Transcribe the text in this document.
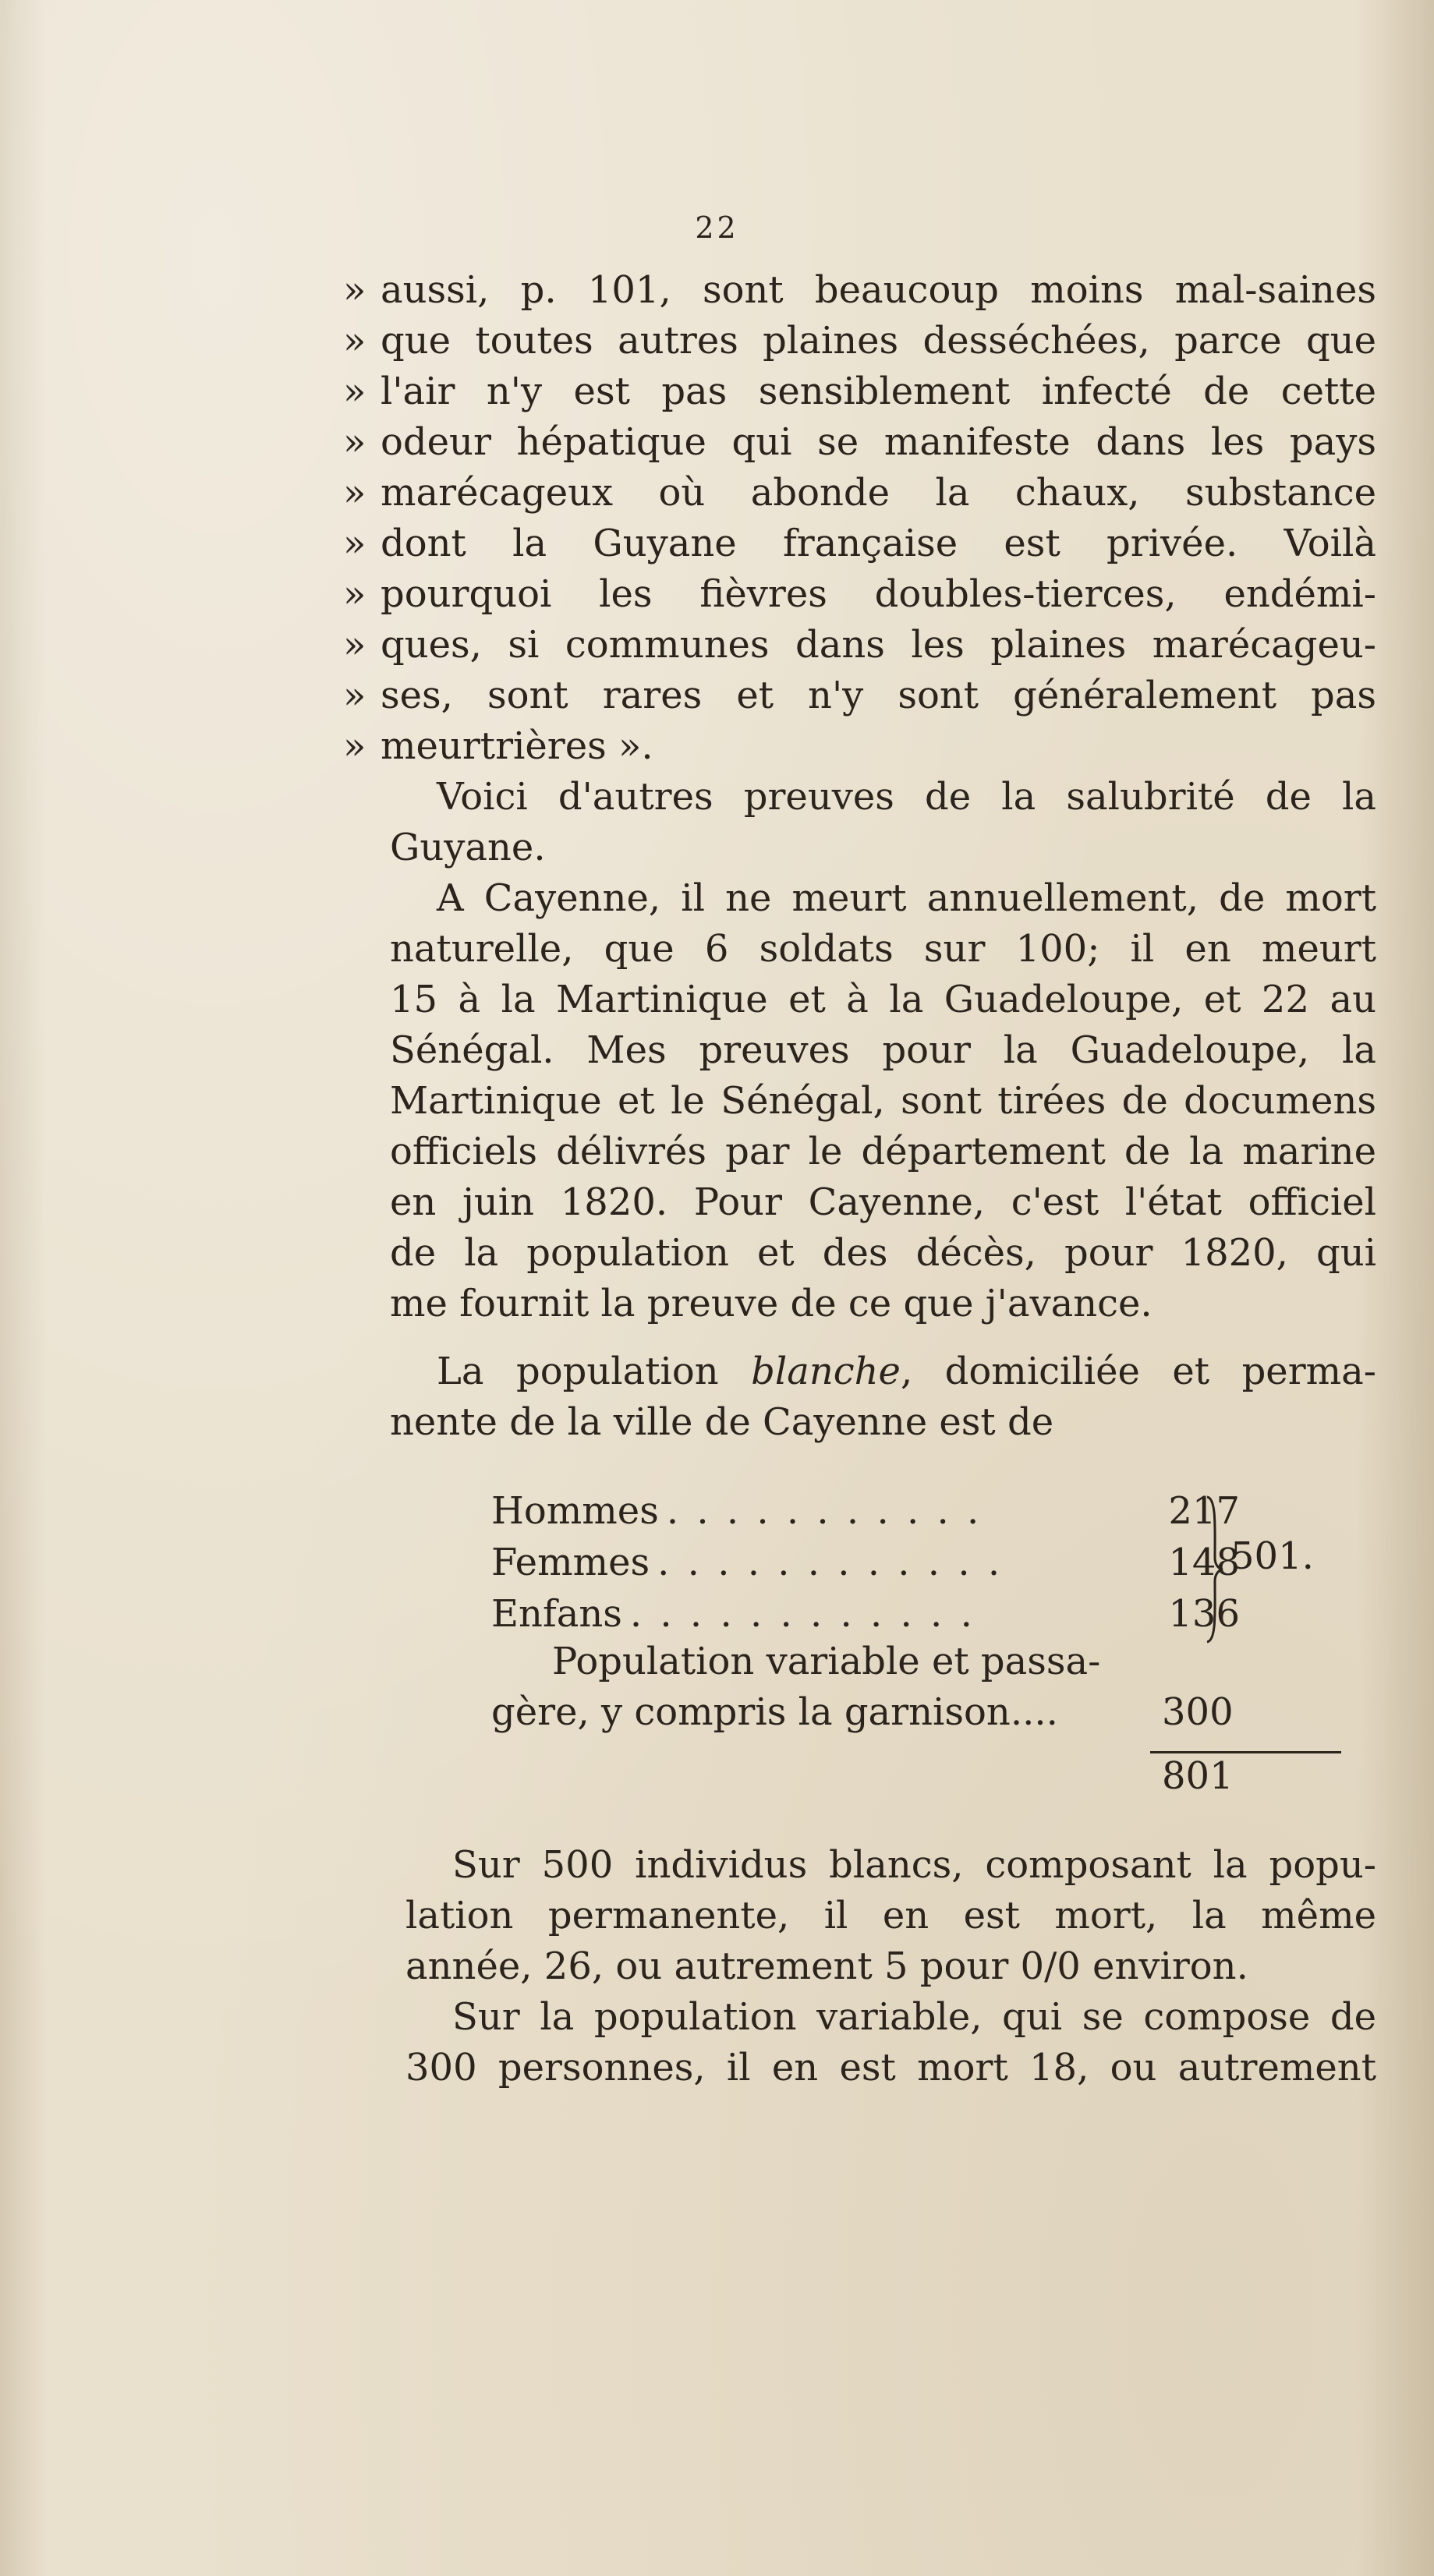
22
» aussi, p. 101, sont beaucoup moins mal-saines
» que toutes autres plaines desséchées, parce que
» l'air n'y est pas sensiblement infecté de cette
» odeur hépatique qui se manifeste dans les pays
» marécageux où abonde la chaux, substance
» dont la Guyane française est privée. Voilà
» pourquoi les fièvres doubles-tierces, endémi-
» ques, si communes dans les plaines marécageu-
» ses, sont rares et n'y sont généralement pas
» meurtrières ».
Voici d'autres preuves de la salubrité de la
Guyane.
A Cayenne, il ne meurt annuellement, de mort
naturelle, que 6 soldats sur 100; il en meurt
15 à la Martinique et à la Guadeloupe, et 22 au
Sénégal. Mes preuves pour la Guadeloupe, la
Martinique et le Sénégal, sont tirées de documens
officiels délivrés par le département de la marine
en juin 1820. Pour Cayenne, c'est l'état officiel
de la population et des décès, pour 1820, qui
me fournit la preuve de ce que j'avance.
La population blanche, domiciliée et perma-
nente de la ville de Cayenne est de
Hommes . . . . . . . . . . .	217
Femmes . . . . . . . . . . . .	148
Enfans . . . . . . . . . . . .	136
501.
Population variable et passa-
gère, y compris la garnison....	300
801
Sur 500 individus blancs, composant la popu-
lation permanente, il en est mort, la même
année, 26, ou autrement 5 pour 0/0 environ.
Sur la population variable, qui se compose de
300 personnes, il en est mort 18, ou autrement
